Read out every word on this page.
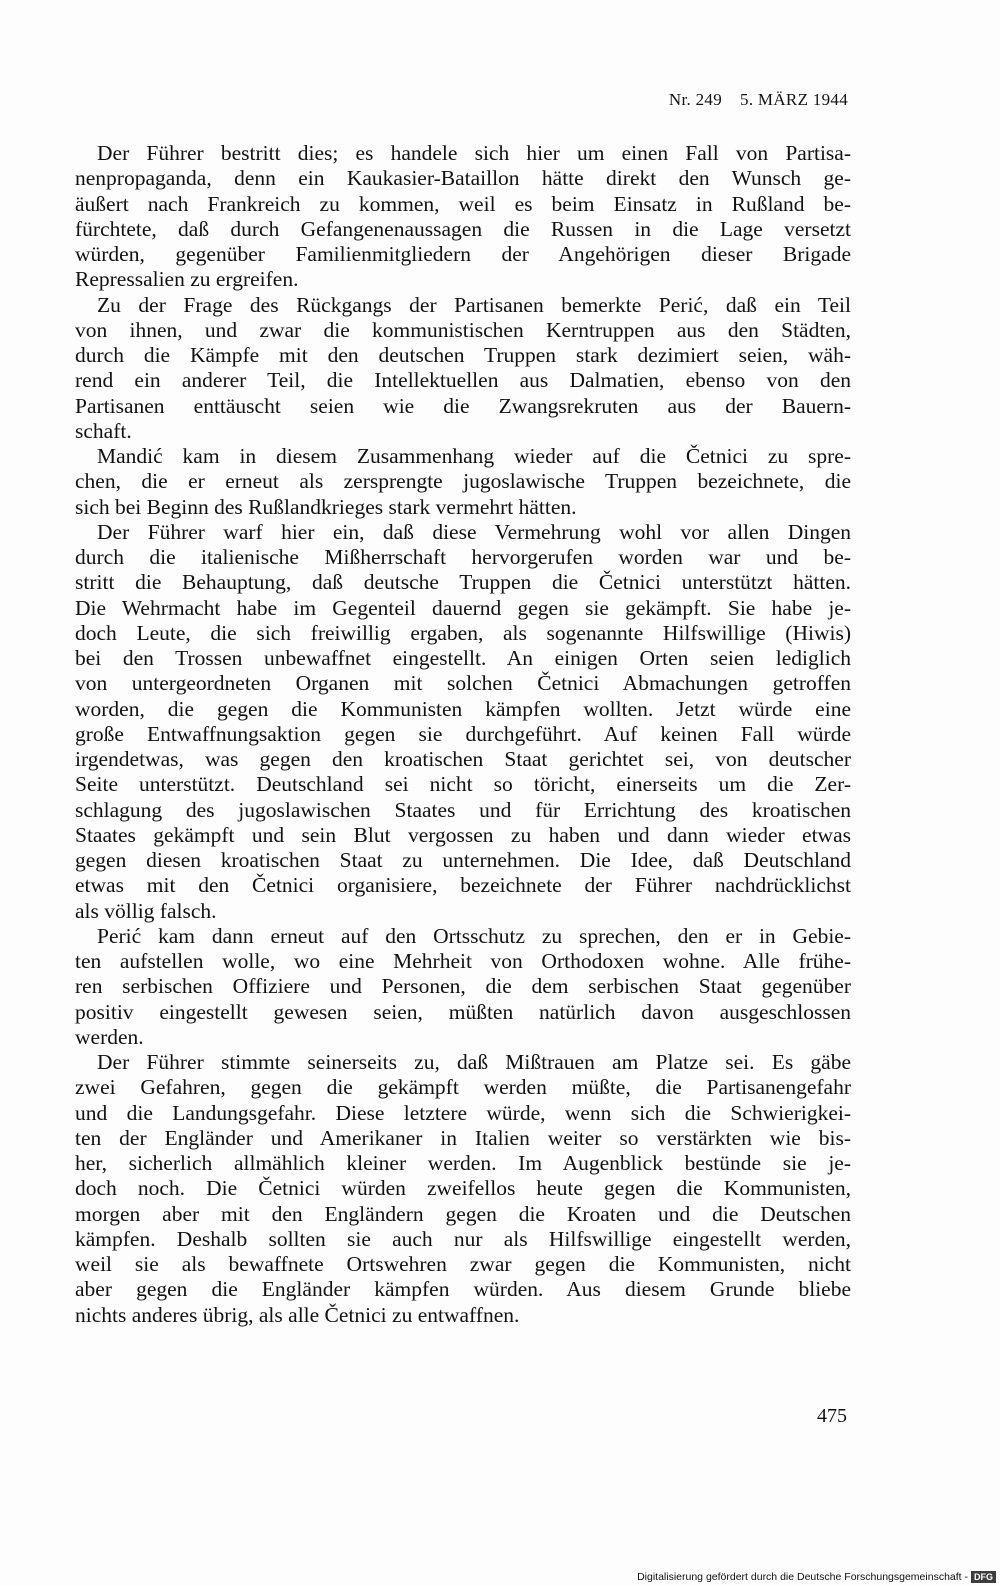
Nr. 249 5. MÄRZ 1944
Der Führer bestritt dies; es handele sich hier um einen Fall von Partisa-
nenpropaganda, denn ein Kaukasier-Bataillon hätte direkt den Wunsch ge-
äußert nach Frankreich zu kommen, weil es beim Einsatz in Rußland be-
fürchtete, daß durch Gefangenenaussagen die Russen in die Lage versetzt
würden, gegenüber Familienmitgliedern der Angehörigen dieser Brigade
Repressalien zu ergreifen.
Zu der Frage des Rückgangs der Partisanen bemerkte Perić, daß ein Teil
von ihnen, und zwar die kommunistischen Kerntruppen aus den Städten,
durch die Kämpfe mit den deutschen Truppen stark dezimiert seien, wäh-
rend ein anderer Teil, die Intellektuellen aus Dalmatien, ebenso von den
Partisanen enttäuscht seien wie die Zwangsrekruten aus der Bauern-
schaft.
Mandić kam in diesem Zusammenhang wieder auf die Četnici zu spre-
chen, die er erneut als zersprengte jugoslawische Truppen bezeichnete, die
sich bei Beginn des Rußlandkrieges stark vermehrt hätten.
Der Führer warf hier ein, daß diese Vermehrung wohl vor allen Dingen
durch die italienische Mißherrschaft hervorgerufen worden war und be-
stritt die Behauptung, daß deutsche Truppen die Četnici unterstützt hätten.
Die Wehrmacht habe im Gegenteil dauernd gegen sie gekämpft. Sie habe je-
doch Leute, die sich freiwillig ergaben, als sogenannte Hilfswillige (Hiwis)
bei den Trossen unbewaffnet eingestellt. An einigen Orten seien lediglich
von untergeordneten Organen mit solchen Četnici Abmachungen getroffen
worden, die gegen die Kommunisten kämpfen wollten. Jetzt würde eine
große Entwaffnungsaktion gegen sie durchgeführt. Auf keinen Fall würde
irgendetwas, was gegen den kroatischen Staat gerichtet sei, von deutscher
Seite unterstützt. Deutschland sei nicht so töricht, einerseits um die Zer-
schlagung des jugoslawischen Staates und für Errichtung des kroatischen
Staates gekämpft und sein Blut vergossen zu haben und dann wieder etwas
gegen diesen kroatischen Staat zu unternehmen. Die Idee, daß Deutschland
etwas mit den Četnici organisiere, bezeichnete der Führer nachdrücklichst
als völlig falsch.
Perić kam dann erneut auf den Ortsschutz zu sprechen, den er in Gebie-
ten aufstellen wolle, wo eine Mehrheit von Orthodoxen wohne. Alle frühe-
ren serbischen Offiziere und Personen, die dem serbischen Staat gegenüber
positiv eingestellt gewesen seien, müßten natürlich davon ausgeschlossen
werden.
Der Führer stimmte seinerseits zu, daß Mißtrauen am Platze sei. Es gäbe
zwei Gefahren, gegen die gekämpft werden müßte, die Partisanengefahr
und die Landungsgefahr. Diese letztere würde, wenn sich die Schwierigkei-
ten der Engländer und Amerikaner in Italien weiter so verstärkten wie bis-
her, sicherlich allmählich kleiner werden. Im Augenblick bestünde sie je-
doch noch. Die Četnici würden zweifellos heute gegen die Kommunisten,
morgen aber mit den Engländern gegen die Kroaten und die Deutschen
kämpfen. Deshalb sollten sie auch nur als Hilfswillige eingestellt werden,
weil sie als bewaffnete Ortswehren zwar gegen die Kommunisten, nicht
aber gegen die Engländer kämpfen würden. Aus diesem Grunde bliebe
nichts anderes übrig, als alle Četnici zu entwaffnen.
475
Digitalisierung gefördert durch die Deutsche Forschungsgemeinschaft - DFG
